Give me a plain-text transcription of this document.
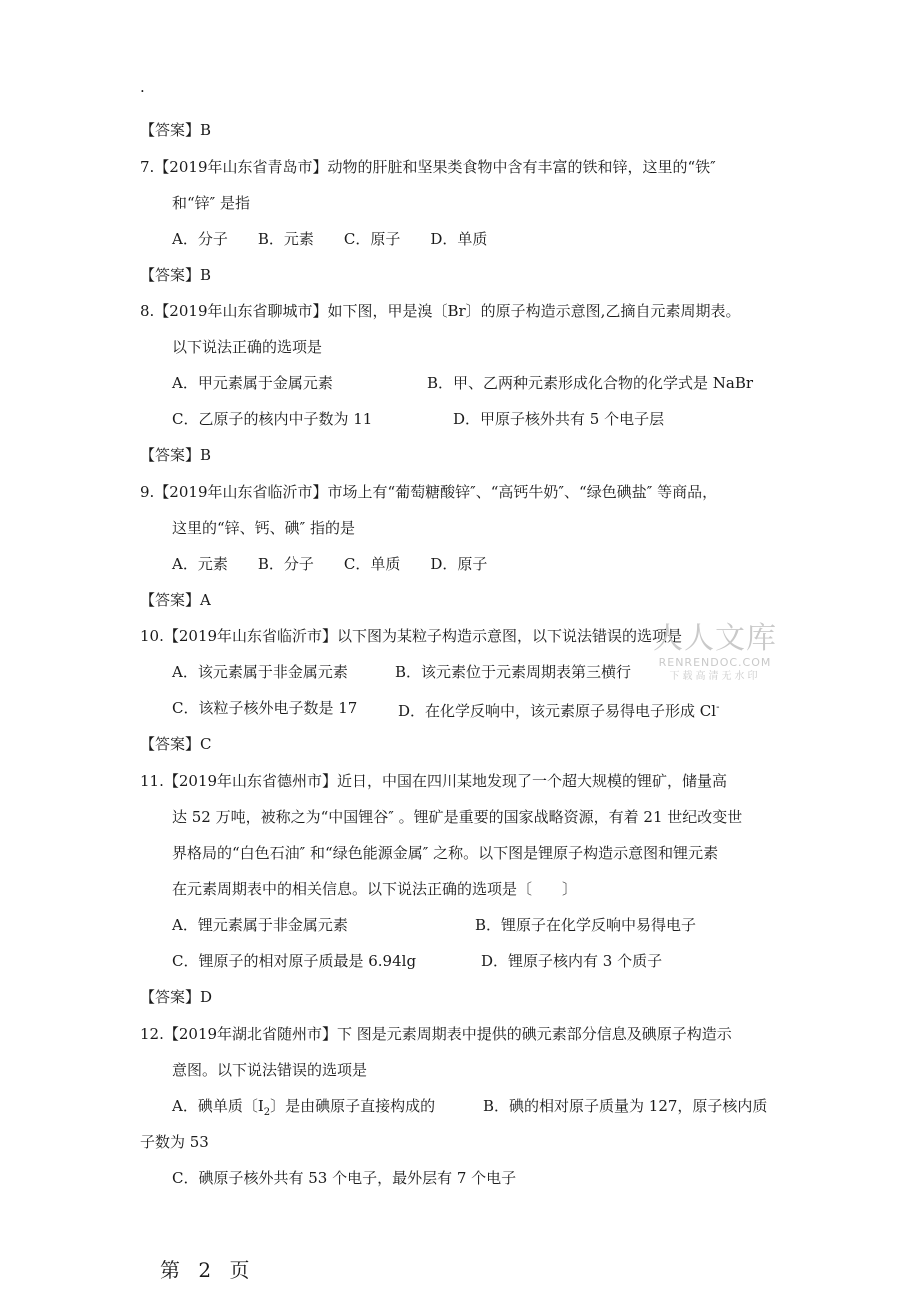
.
【答案】B
7.【2019年山东省青岛市】动物的肝脏和坚果类食物中含有丰富的铁和锌，这里的“铁″
和“锌″ 是指
A．分子　　B．元素　　C．原子　　D．单质
【答案】B
8.【2019年山东省聊城市】如下图，甲是溴〔Br〕的原子构造示意图,乙摘自元素周期表。
以下说法正确的选项是
A．甲元素属于金属元素	B．甲、乙两种元素形成化合物的化学式是 NaBr
C．乙原子的核内中子数为 11	D．甲原子核外共有 5 个电子层
【答案】B
9.【2019年山东省临沂市】市场上有“葡萄糖酸锌″、“高钙牛奶″、“绿色碘盐″ 等商品，
这里的“锌、钙、碘″ 指的是
A．元素　　B．分子　　C．单质　　D．原子
【答案】A
10.【2019年山东省临沂市】以下图为某粒子构造示意图，以下说法错误的选项是
A．该元素属于非金属元素	B．该元素位于元素周期表第三横行
C．该粒子核外电子数是 17	D．在化学反响中，该元素原子易得电子形成 Cl-
【答案】C
11.【2019年山东省德州市】近日，中国在四川某地发现了一个超大规模的锂矿，储量高
达 52 万吨，被称之为“中国锂谷″ 。锂矿是重要的国家战略资源，有着 21 世纪改变世
界格局的“白色石油″ 和“绿色能源金属″ 之称。以下图是锂原子构造示意图和锂元素
在元素周期表中的相关信息。以下说法正确的选项是〔　　〕
A．锂元素属于非金属元素	B．锂原子在化学反响中易得电子
C．锂原子的相对原子质最是 6.94lg	D．锂原子核内有 3 个质子
【答案】D
12.【2019年湖北省随州市】下 图是元素周期表中提供的碘元素部分信息及碘原子构造示
意图。以下说法错误的选项是
A．碘单质〔$I_2$〕是由碘原子直接构成的	B．碘的相对原子质量为 127，原子核内质
子数为 53
C．碘原子核外共有 53 个电子，最外层有 7 个电子
第 2 页
人人文库
RENRENDOC.COM
下载高清无水印
